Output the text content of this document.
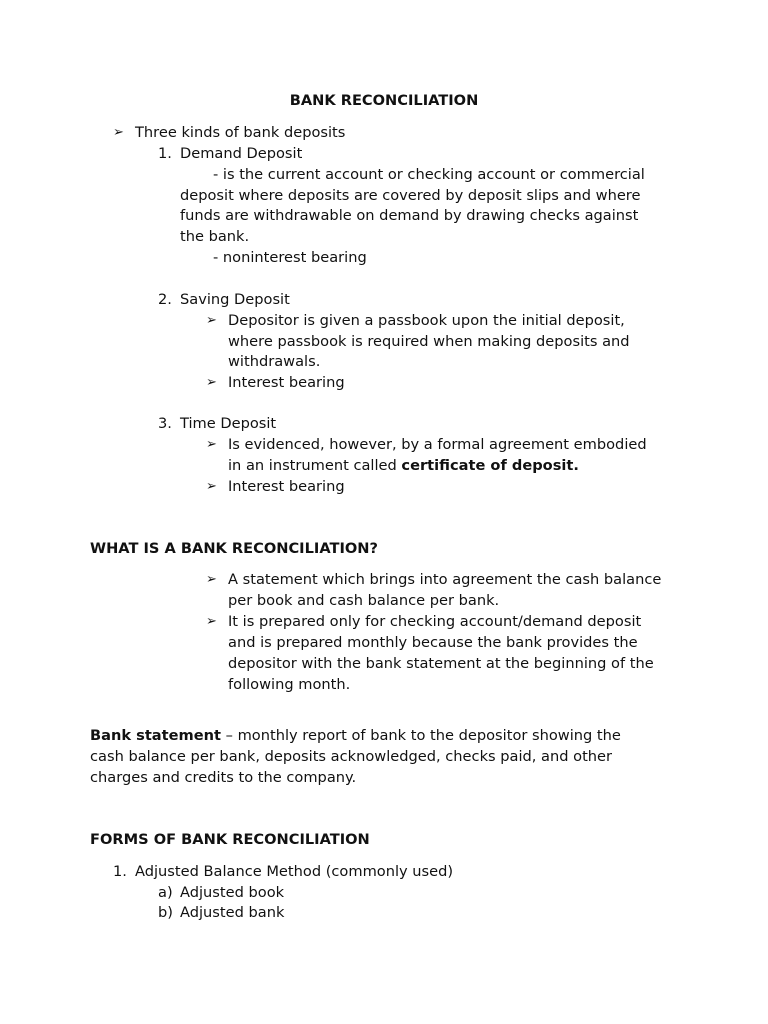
BANK RECONCILIATION
➢ Three kinds of bank deposits
1. Demand Deposit
- is the current account or checking account or commercial
deposit where deposits are covered by deposit slips and where
funds are withdrawable on demand by drawing checks against
the bank.
- noninterest bearing
2. Saving Deposit
➢ Depositor is given a passbook upon the initial deposit,
where passbook is required when making deposits and
withdrawals.
➢ Interest bearing
3. Time Deposit
➢ Is evidenced, however, by a formal agreement embodied
in an instrument called certificate of deposit.
➢ Interest bearing
WHAT IS A BANK RECONCILIATION?
➢ A statement which brings into agreement the cash balance
per book and cash balance per bank.
➢ It is prepared only for checking account/demand deposit
and is prepared monthly because the bank provides the
depositor with the bank statement at the beginning of the
following month.
Bank statement – monthly report of bank to the depositor showing the
cash balance per bank, deposits acknowledged, checks paid, and other
charges and credits to the company.
FORMS OF BANK RECONCILIATION
1. Adjusted Balance Method (commonly used)
a) Adjusted book
b) Adjusted bank
